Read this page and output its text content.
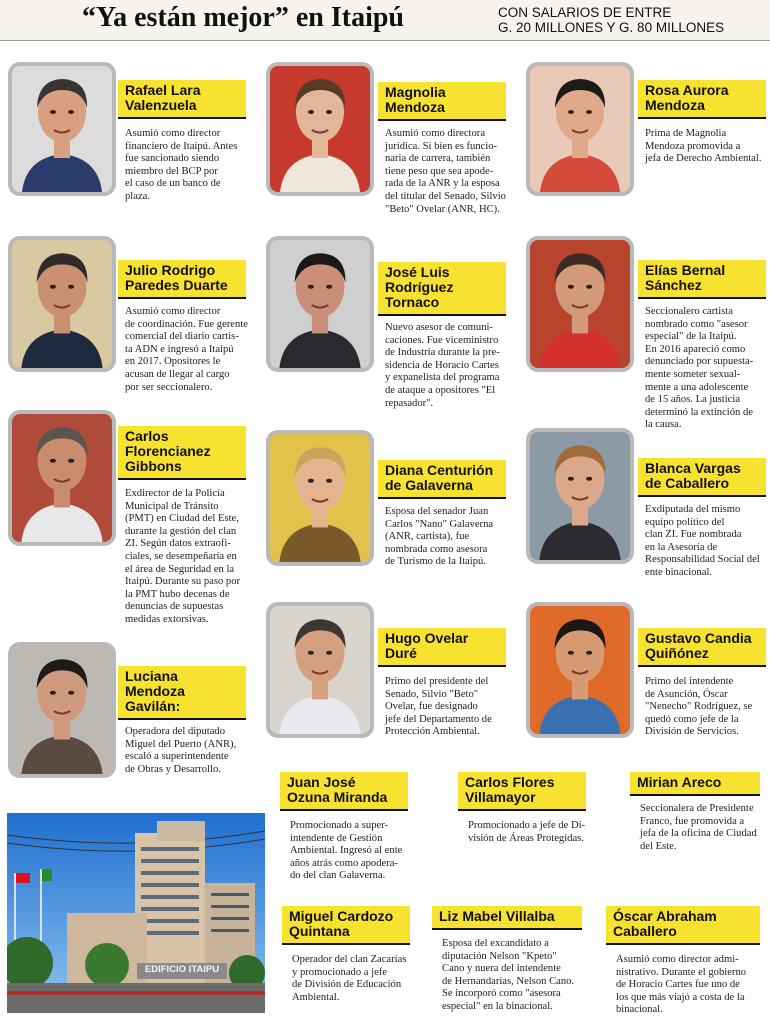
“Ya están mejor” en Itaipú	CON SALARIOS DE ENTRE
G. 20 MILLONES Y G. 80 MILLONES
EDIFICIO ITAIPU
Rafael Lara
Valenzuela
Asumió como director
financiero de Itaipú. Antes
fue sancionado siendo
miembro del BCP por
el caso de un banco de
plaza.
Magnolia
Mendoza
Asumió como directora
jurídica. Si bien es funcio-
naria de carrera, también
tiene peso que sea apode-
rada de la ANR y la esposa
del titular del Senado, Silvio
"Beto" Ovelar (ANR, HC).
Rosa Aurora
Mendoza
Prima de Magnolia
Mendoza promovida a
jefa de Derecho Ambiental.
Julio Rodrigo
Paredes Duarte
Asumió como director
de coordinación. Fue gerente
comercial del diario cartis-
ta ADN e ingresó a Itaipú
en 2017. Opositores le
acusan de llegar al cargo
por ser seccionalero.
José Luis
Rodríguez
Tornaco
Nuevo asesor de comuni-
caciones. Fue viceministro
de Industria durante la pre-
sidencia de Horacio Cartes
y expanelista del programa
de ataque a opositores "El
repasador".
Elías Bernal
Sánchez
Seccionalero cartista
nombrado como "asesor
especial" de la Itaipú.
En 2016 apareció como
denunciado por supuesta-
mente someter sexual-
mente a una adolescente
de 15 años. La justicia
determinó la extinción de
la causa.
Carlos
Florencianez
Gibbons
Exdirector de la Policía
Municipal de Tránsito
(PMT) en Ciudad del Este,
durante la gestión del clan
ZI. Según datos extraofi-
ciales, se desempeñaría en
el área de Seguridad en la
Itaipú. Durante su paso por
la PMT hubo decenas de
denuncias de supuestas
medidas extorsivas.
Diana Centurión
de Galaverna
Esposa del senador Juan
Carlos "Nano" Galaverna
(ANR, cartista), fue
nombrada como asesora
de Turismo de la Itaipú.
Blanca Vargas
de Caballero
Exdiputada del mismo
equipo político del
clan ZI. Fue nombrada
en la Asesoría de
Responsabilidad Social del
ente binacional.
Hugo Ovelar
Duré
Primo del presidente del
Senado, Silvio "Beto"
Ovelar, fue designado
jefe del Departamento de
Protección Ambiental.
Gustavo Candia
Quiñónez
Primo del intendente
de Asunción, Óscar
"Nenecho" Rodríguez, se
quedó como jefe de la
División de Servicios.
Luciana
Mendoza
Gavilán:
Operadora del diputado
Miguel del Puerto (ANR),
escaló a superintendente
de Obras y Desarrollo.
Juan José
Ozuna Miranda
Promocionado a super-
intendente de Gestión
Ambiental. Ingresó al ente
años atrás como apodera-
do del clan Galaverna.
Carlos Flores
Villamayor
Promocionado a jefe de Di-
visión de Áreas Protegidas.
Mirian Areco
Seccionalera de Presidente
Franco, fue promovida a
jefa de la oficina de Ciudad
del Este.
Miguel Cardozo
Quintana
Operador del clan Zacarías
y promocionado a jefe
de División de Educación
Ambiental.
Liz Mabel Villalba
Esposa del excandidato a
diputación Nelson "Kpeto"
Cano y nuera del intendente
de Hernandarias, Nelson Cano.
Se incorporó como "asesora
especial" en la binacional.
Óscar Abraham
Caballero
Asumió como director admi-
nistrativo. Durante el gobierno
de Horacio Cartes fue uno de
los que más viajó a costa de la
binacional.
